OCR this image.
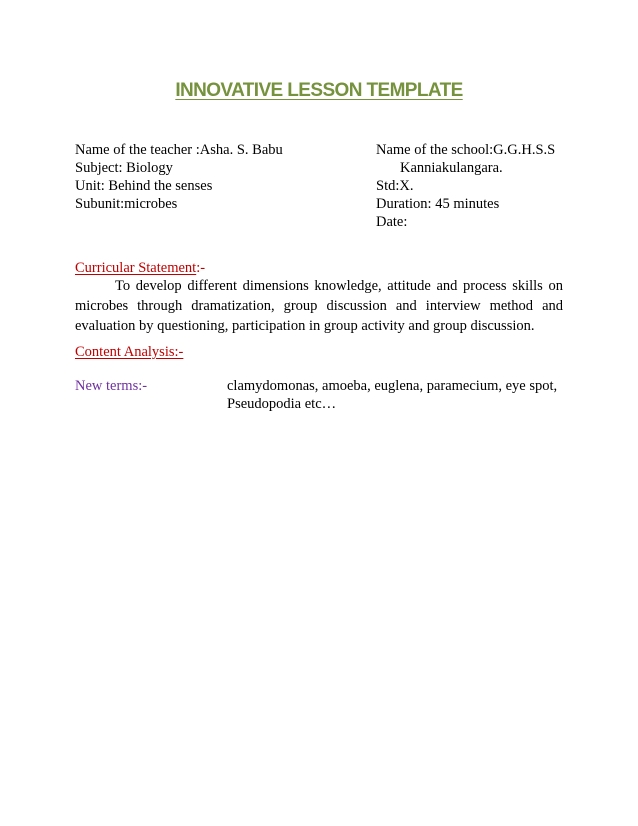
INNOVATIVE LESSON TEMPLATE
Name of the teacher :Asha. S. Babu
Subject: Biology
Unit: Behind the senses
Subunit:microbes
Name of the school:G.G.H.S.S
Kanniakulangara.
Std:X.
Duration: 45 minutes
Date:
Curricular Statement:-
To develop different dimensions knowledge, attitude and process skills on microbes through dramatization, group discussion and interview method and evaluation by questioning, participation in group activity and group discussion.
Content Analysis:-
New terms:-	clamydomonas, amoeba, euglena, paramecium, eye spot,
Pseudopodia etc…
